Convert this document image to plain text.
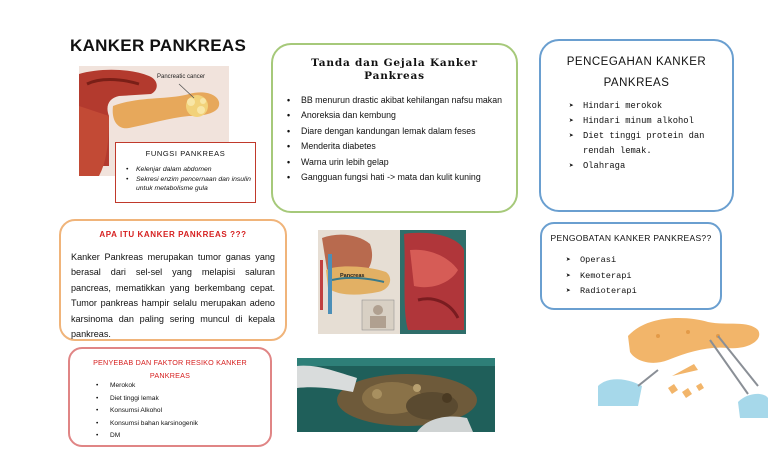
KANKER PANKREAS
Pancreatic cancer
FUNGSI PANKREAS
• Kelenjar dalam abdomen
• Sekresi enzim pencernaan dan insulin untuk metabolisme gula
Tanda dan Gejala Kanker
Pankreas
• BB menurun drastic akibat kehilangan nafsu makan
• Anoreksia dan kembung
• Diare dengan kandungan lemak dalam feses
• Menderita diabetes
• Warna urin lebih gelap
• Gangguan fungsi hati -> mata dan kulit kuning
PENCEGAHAN KANKER
PANKREAS
➤ Hindari merokok
➤ Hindari minum alkohol
➤ Diet tinggi protein dan rendah lemak.
➤ Olahraga
APA ITU KANKER PANKREAS ???
Kanker Pankreas merupakan tumor ganas yang berasal dari sel-sel yang melapisi saluran pancreas, mematikkan yang berkembang cepat. Tumor pankreas hampir selalu merupakan adeno karsinoma dan paling sering muncul di kepala pankreas.
Pancreas
PENGOBATAN KANKER PANKREAS??
➤ Operasi
➤ Kemoterapi
➤ Radioterapi
PENYEBAB DAN FAKTOR RESIKO KANKER
PANKREAS
• Merokok
• Diet tinggi lemak
• Konsumsi Alkohol
• Konsumsi bahan karsinogenik
• DM
